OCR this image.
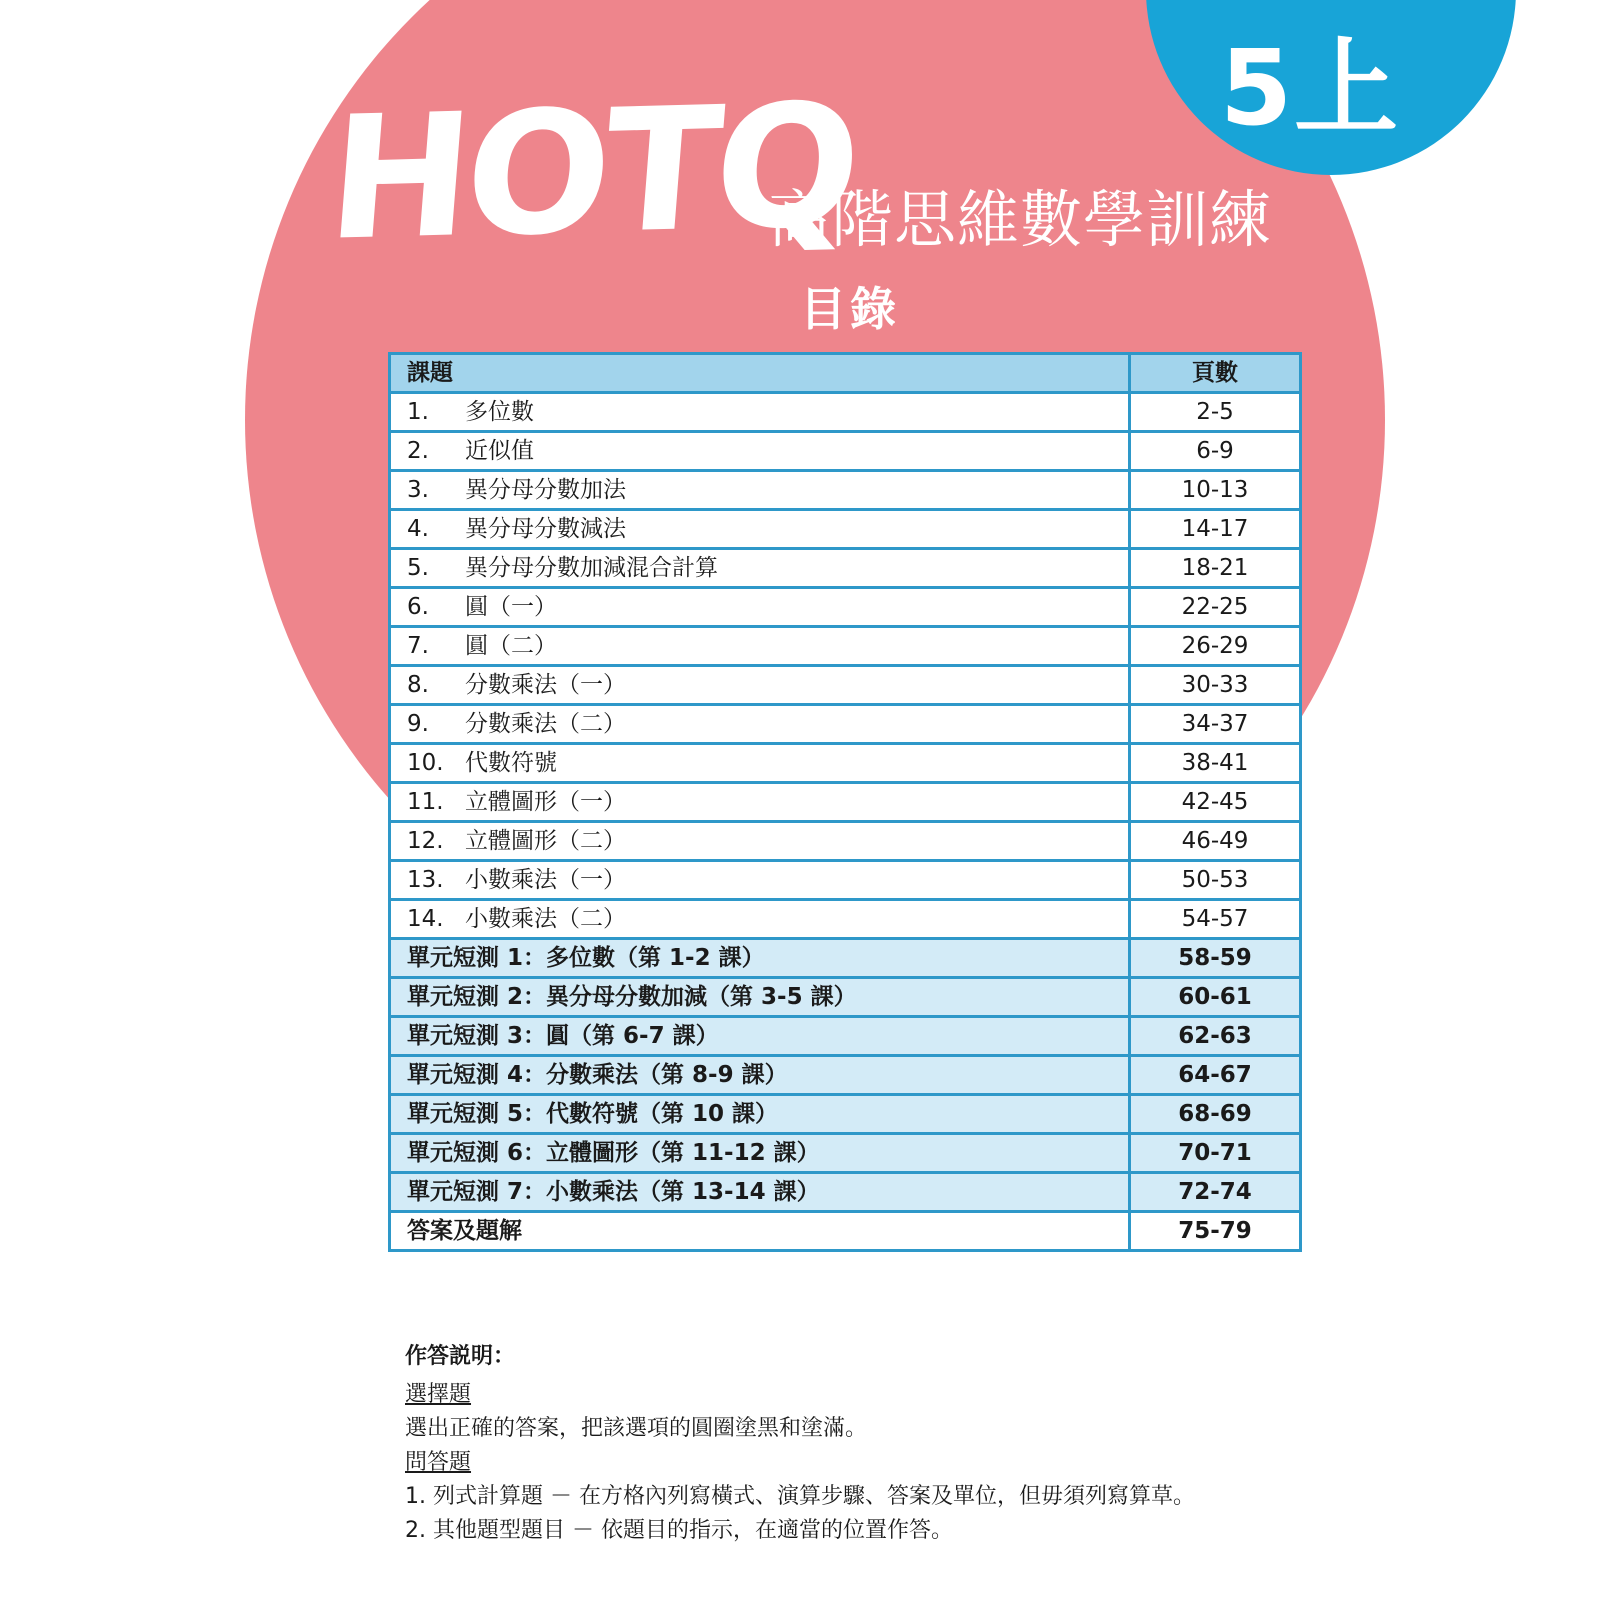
5上
HOTQ
高階思維數學訓練
目錄
課題	頁數
1. 多位數	2-5
2. 近似值	6-9
3. 異分母分數加法	10-13
4. 異分母分數減法	14-17
5. 異分母分數加減混合計算	18-21
6. 圓（一）	22-25
7. 圓（二）	26-29
8. 分數乘法（一）	30-33
9. 分數乘法（二）	34-37
10. 代數符號	38-41
11. 立體圖形（一）	42-45
12. 立體圖形（二）	46-49
13. 小數乘法（一）	50-53
14. 小數乘法（二）	54-57
單元短測 1：多位數（第 1-2 課）	58-59
單元短測 2：異分母分數加減（第 3-5 課）	60-61
單元短測 3：圓（第 6-7 課）	62-63
單元短測 4：分數乘法（第 8-9 課）	64-67
單元短測 5：代數符號（第 10 課）	68-69
單元短測 6：立體圖形（第 11-12 課）	70-71
單元短測 7：小數乘法（第 13-14 課）	72-74
答案及題解	75-79
作答説明：
選擇題
選出正確的答案，把該選項的圓圈塗黑和塗滿。
問答題
1. 列式計算題 － 在方格內列寫橫式、演算步驟、答案及單位，但毋須列寫算草。
2. 其他題型題目 － 依題目的指示，在適當的位置作答。
